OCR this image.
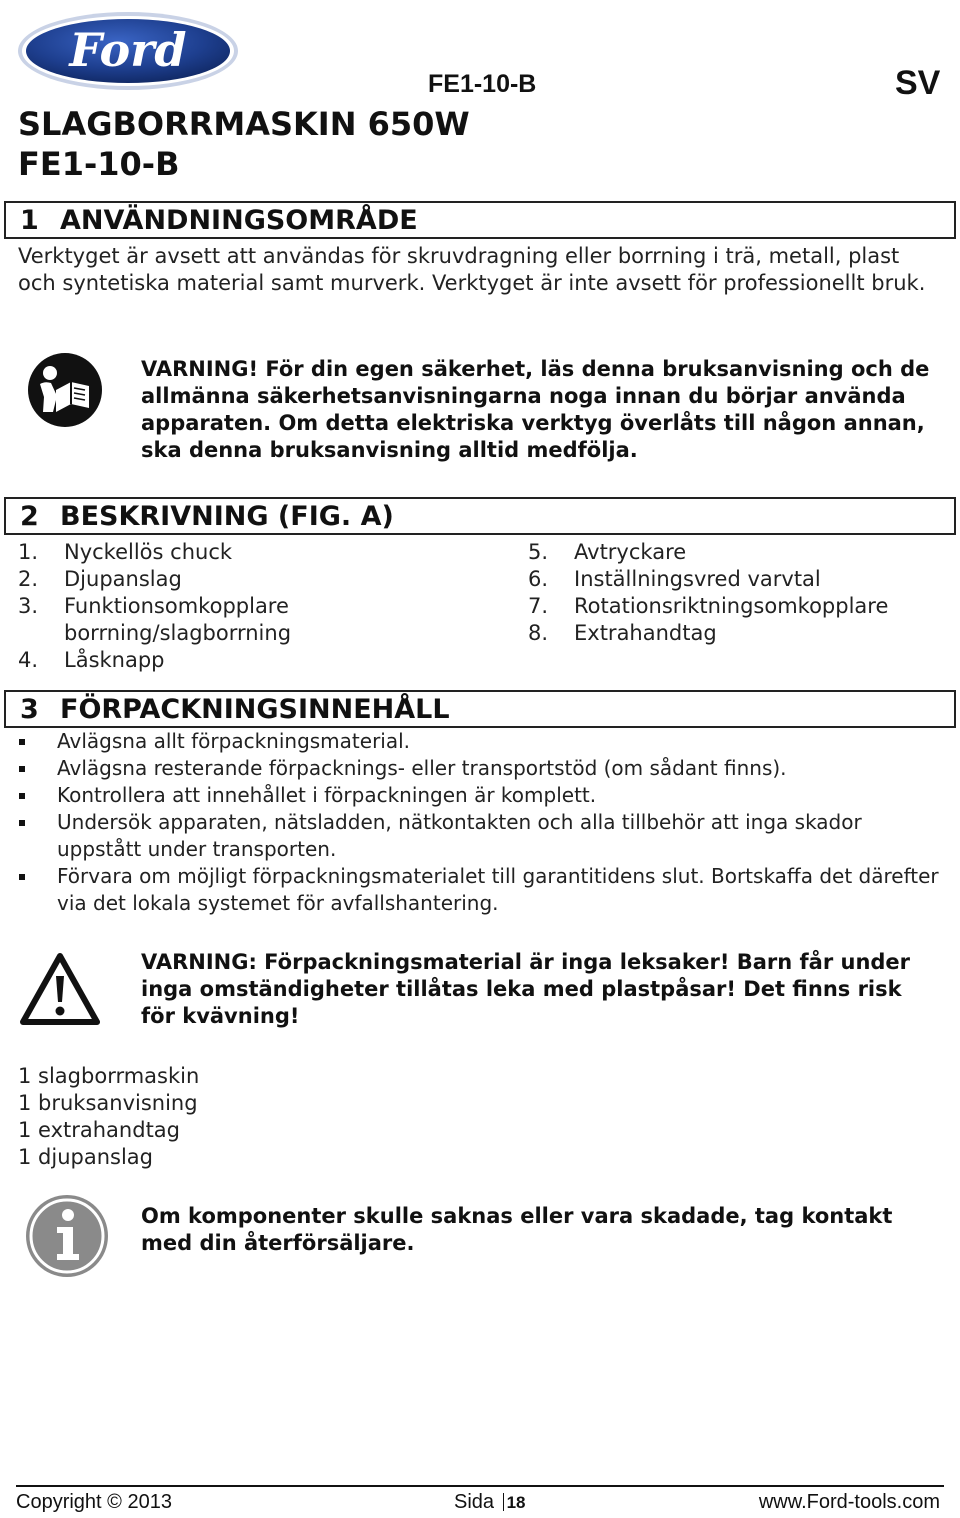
Ford
FE1-10-B	SV
SLAGBORRMASKIN 650W
FE1-10-B
1 ANVÄNDNINGSOMRÅDE
Verktyget är avsett att användas för skruvdragning eller borrning i trä, metall, plast och syntetiska material samt murverk. Verktyget är inte avsett för professionellt bruk.
VARNING! För din egen säkerhet, läs denna bruksanvisning och de allmänna säkerhetsanvisningarna noga innan du börjar använda apparaten. Om detta elektriska verktyg överlåts till någon annan, ska denna bruksanvisning alltid medfölja.
2 BESKRIVNING (FIG. A)
1.	Nyckellös chuck
2.	Djupanslag
3.	Funktionsomkopplare borrning/slagborrning
4.	Låsknapp
5.	Avtryckare
6.	Inställningsvred varvtal
7.	Rotationsriktningsomkopplare
8.	Extrahandtag
3 FÖRPACKNINGSINNEHÅLL
Avlägsna allt förpackningsmaterial.
Avlägsna resterande förpacknings- eller transportstöd (om sådant finns).
Kontrollera att innehållet i förpackningen är komplett.
Undersök apparaten, nätsladden, nätkontakten och alla tillbehör att inga skador uppstått under transporten.
Förvara om möjligt förpackningsmaterialet till garantitidens slut. Bortskaffa det därefter via det lokala systemet för avfallshantering.
VARNING: Förpackningsmaterial är inga leksaker! Barn får under inga omständigheter tillåtas leka med plastpåsar! Det finns risk för kvävning!
1 slagborrmaskin
1 bruksanvisning
1 extrahandtag
1 djupanslag
Om komponenter skulle saknas eller vara skadade, tag kontakt med din återförsäljare.
Copyright © 2013	Sida 18	www.Ford-tools.com
